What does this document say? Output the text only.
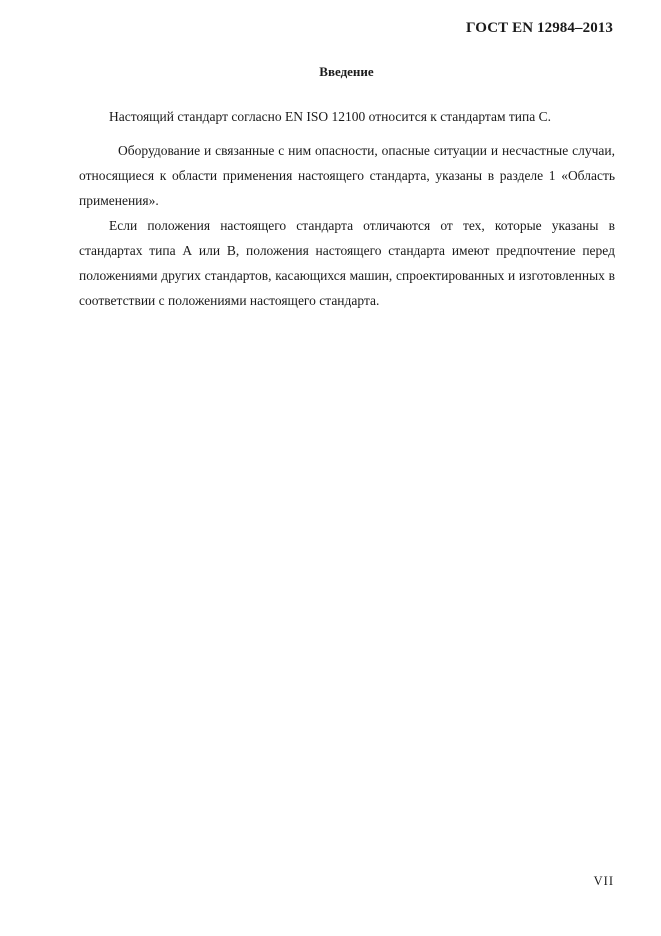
ГОСТ EN 12984–2013
Введение

Настоящий стандарт согласно EN ISO 12100 относится к стандартам типа С.

Оборудование и связанные с ним опасности, опасные ситуации и несчастные случаи, относящиеся к области применения настоящего стандарта, указаны в разделе 1 «Область применения».

Если положения настоящего стандарта отличаются от тех, которые указаны в стандартах типа А или В, положения настоящего стандарта имеют предпочтение перед положениями других стандартов, касающихся машин, спроектированных и изготовленных в соответствии с положениями настоящего стандарта.

VII
